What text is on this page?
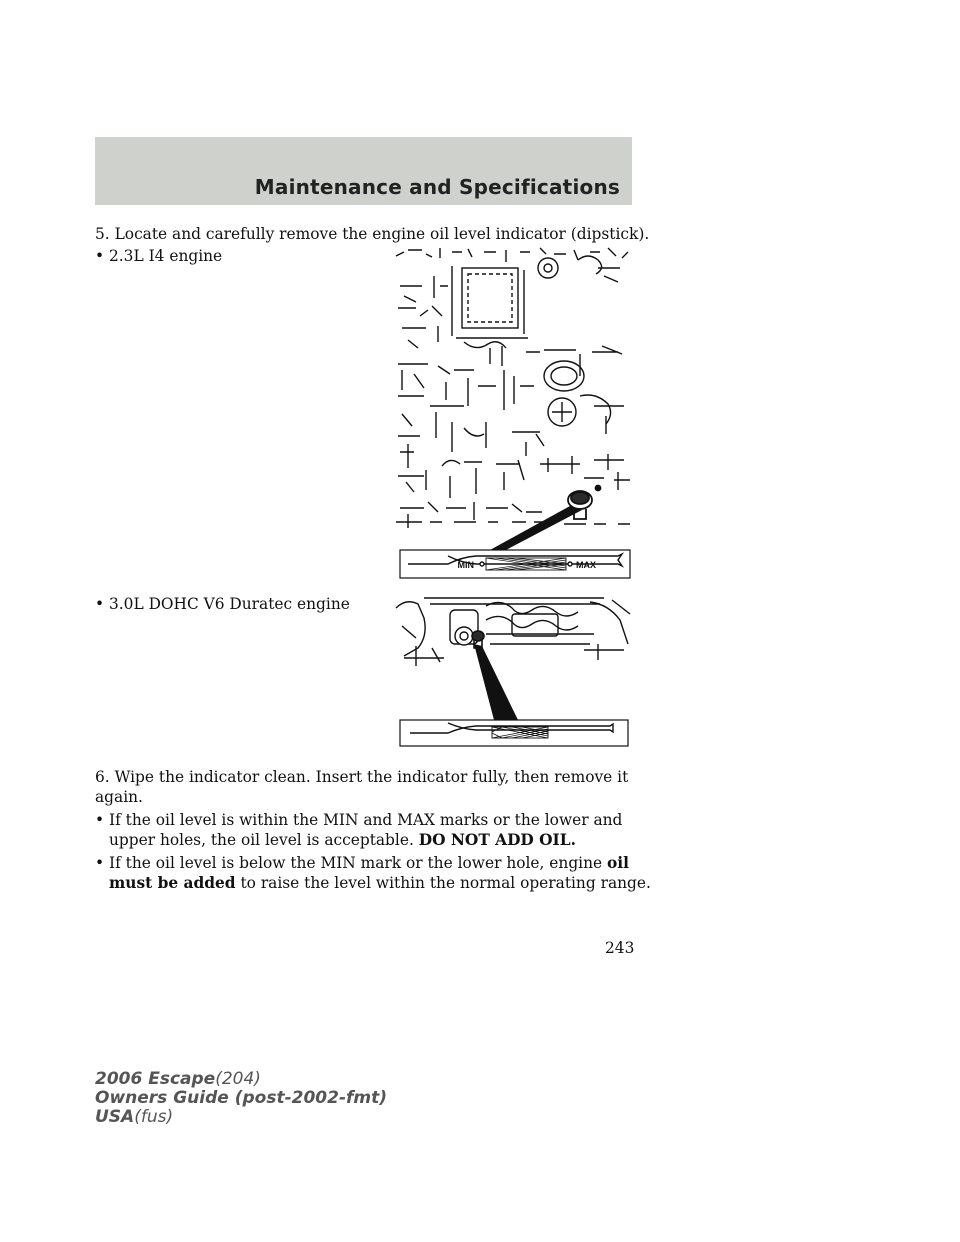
Maintenance and Specifications
5. Locate and carefully remove the engine oil level indicator (dipstick).
• 2.3L I4 engine
MIN	MAX
• 3.0L DOHC V6 Duratec engine
6. Wipe the indicator clean. Insert the indicator fully, then remove it
again.
• If the oil level is within the MIN and MAX marks or the lower and
upper holes, the oil level is acceptable. DO NOT ADD OIL.
• If the oil level is below the MIN mark or the lower hole, engine oil
must be added to raise the level within the normal operating range.
243
2006 Escape(204)
Owners Guide (post-2002-fmt)
USA(fus)
